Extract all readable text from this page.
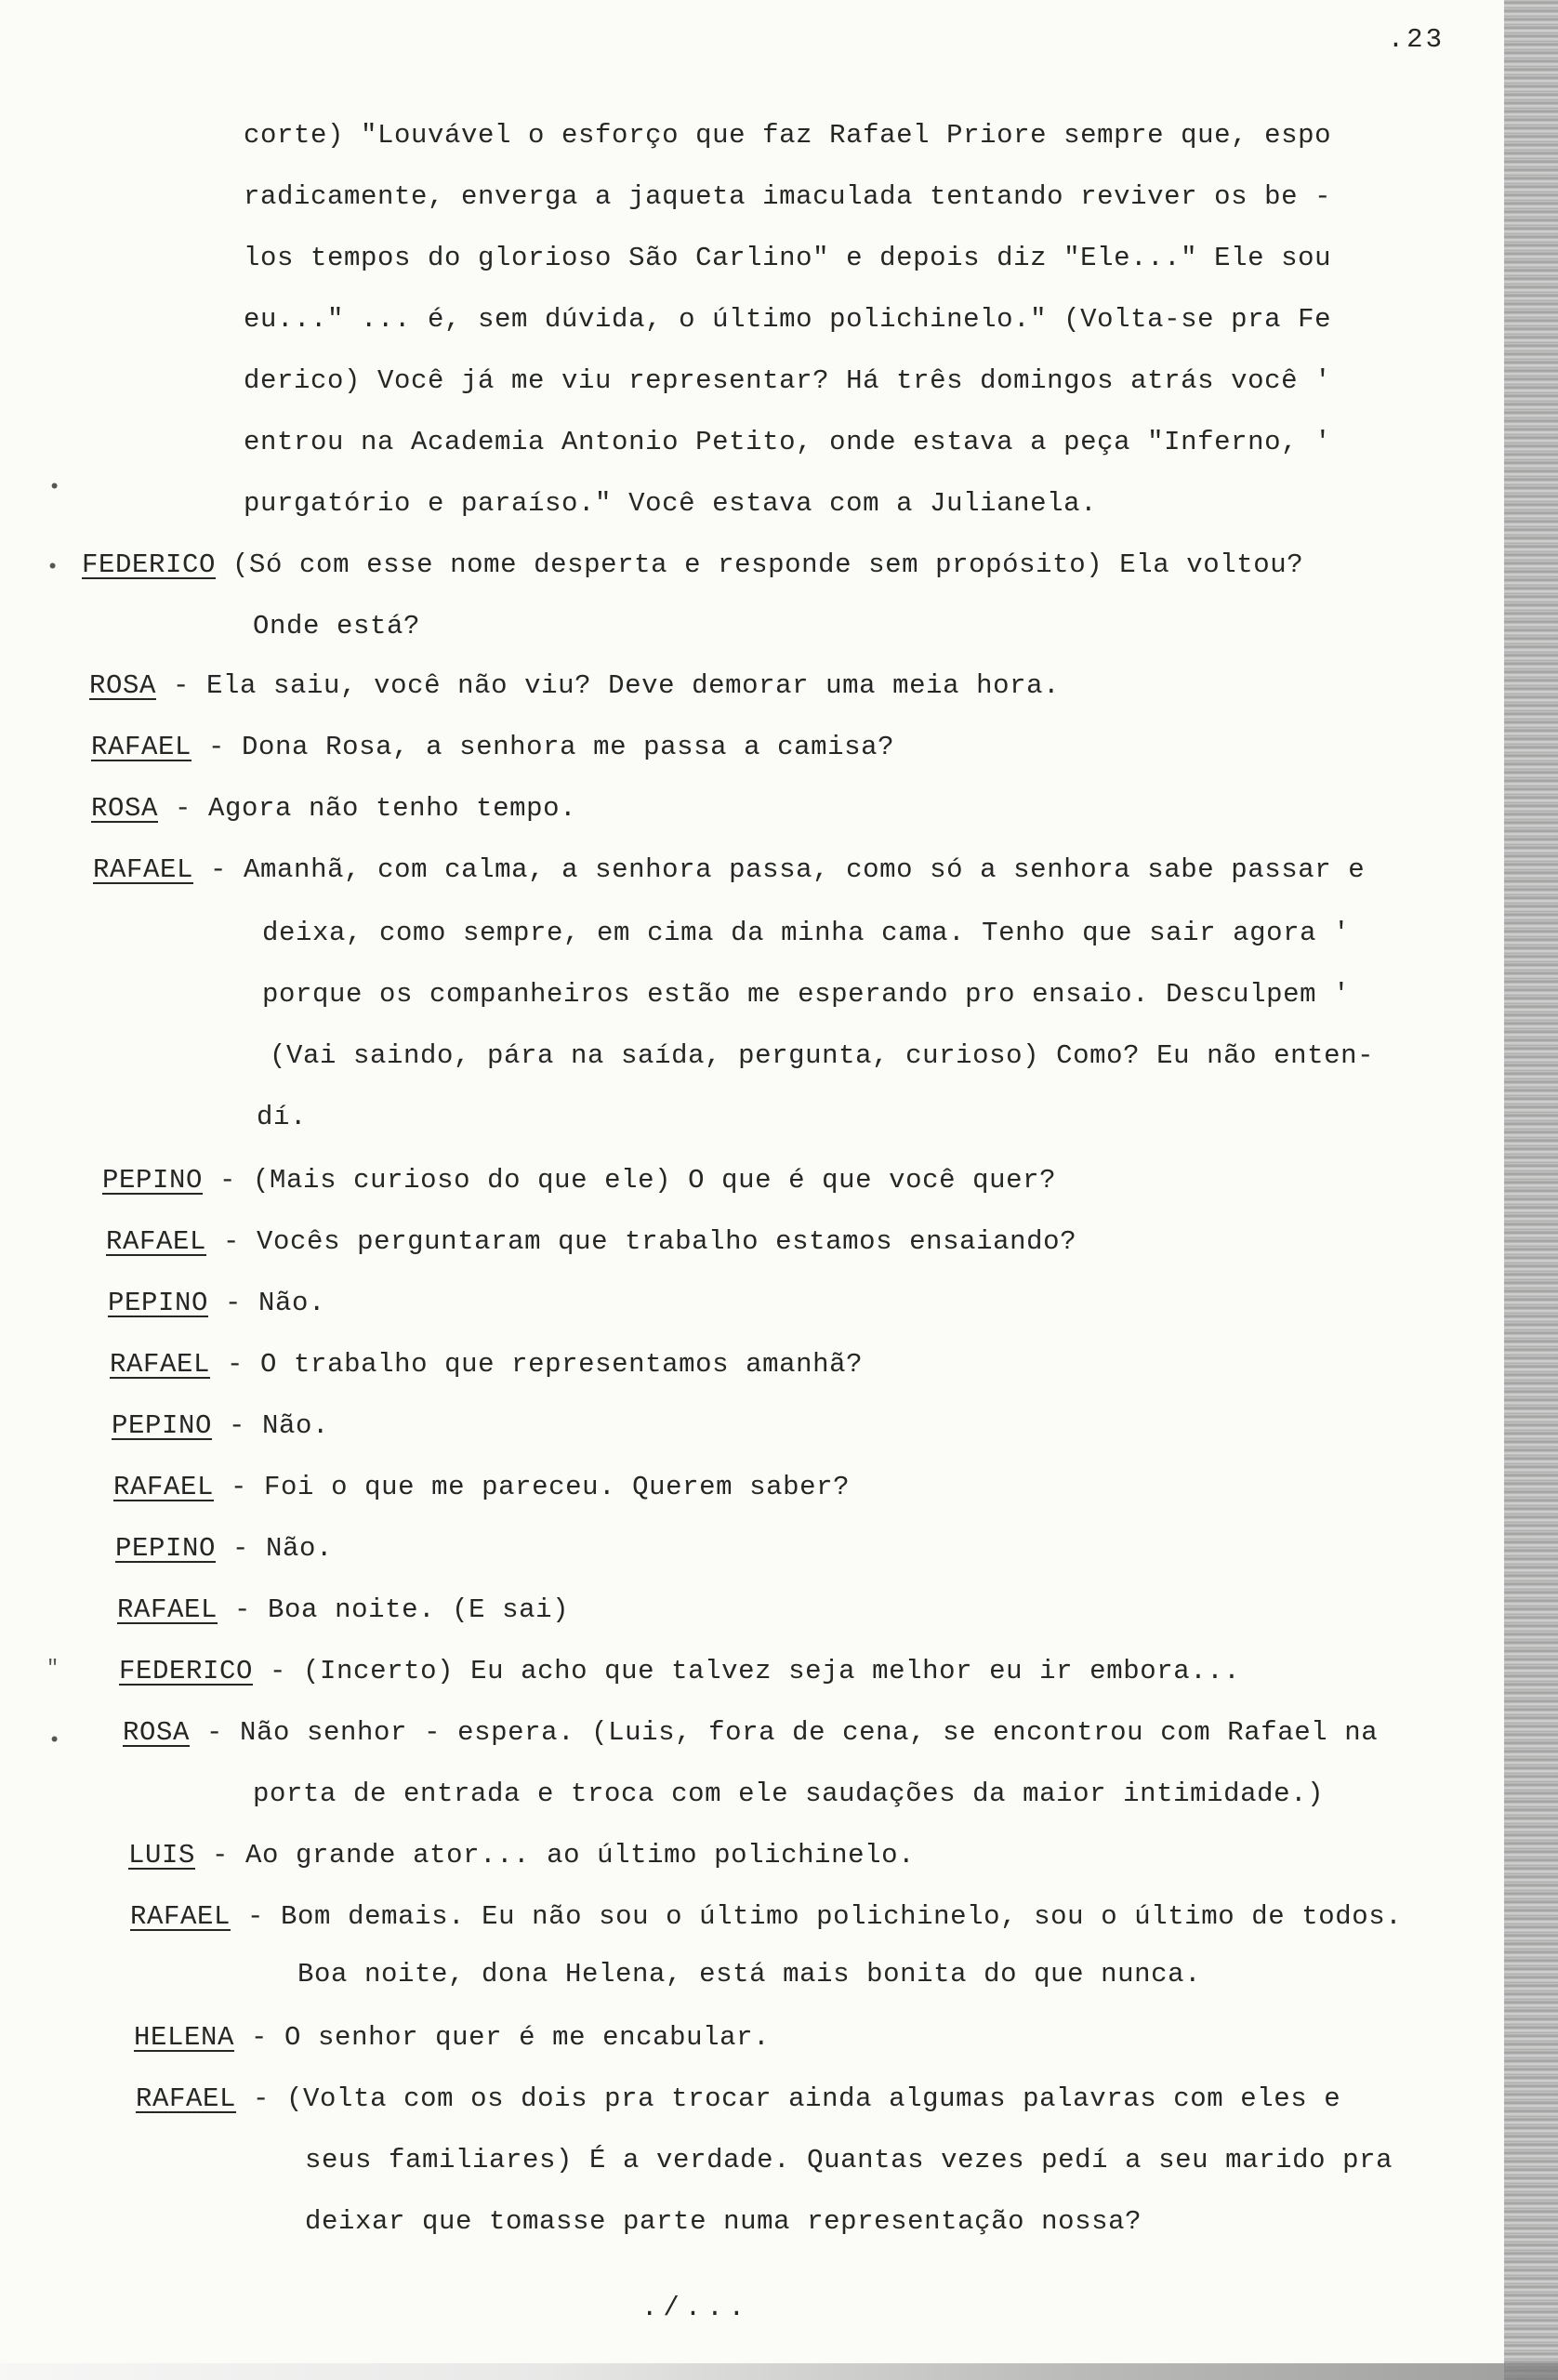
.23
•
•
"
•
corte) "Louvável o esforço que faz Rafael Priore sempre que, espo
radicamente, enverga a jaqueta imaculada tentando reviver os be -
los tempos do glorioso São Carlino" e depois diz "Ele..." Ele sou
eu..." ... é, sem dúvida, o último polichinelo." (Volta-se pra Fe
derico) Você já me viu representar? Há três domingos atrás você '
entrou na Academia Antonio Petito, onde estava a peça "Inferno, '
purgatório e paraíso." Você estava com a Julianela.
FEDERICO (Só com esse nome desperta e responde sem propósito) Ela voltou?
Onde está?
ROSA - Ela saiu, você não viu? Deve demorar uma meia hora.
RAFAEL - Dona Rosa, a senhora me passa a camisa?
ROSA - Agora não tenho tempo.
RAFAEL - Amanhã, com calma, a senhora passa, como só a senhora sabe passar e
deixa, como sempre, em cima da minha cama. Tenho que sair agora '
porque os companheiros estão me esperando pro ensaio. Desculpem '
(Vai saindo, pára na saída, pergunta, curioso) Como? Eu não enten-
dí.
PEPINO - (Mais curioso do que ele) O que é que você quer?
RAFAEL - Vocês perguntaram que trabalho estamos ensaiando?
PEPINO - Não.
RAFAEL - O trabalho que representamos amanhã?
PEPINO - Não.
RAFAEL - Foi o que me pareceu. Querem saber?
PEPINO - Não.
RAFAEL - Boa noite. (E sai)
FEDERICO - (Incerto) Eu acho que talvez seja melhor eu ir embora...
ROSA - Não senhor - espera. (Luis, fora de cena, se encontrou com Rafael na
porta de entrada e troca com ele saudações da maior intimidade.)
LUIS - Ao grande ator... ao último polichinelo.
RAFAEL - Bom demais. Eu não sou o último polichinelo, sou o último de todos.
Boa noite, dona Helena, está mais bonita do que nunca.
HELENA - O senhor quer é me encabular.
RAFAEL - (Volta com os dois pra trocar ainda algumas palavras com eles e
seus familiares) É a verdade. Quantas vezes pedí a seu marido pra
deixar que tomasse parte numa representação nossa?
./...
